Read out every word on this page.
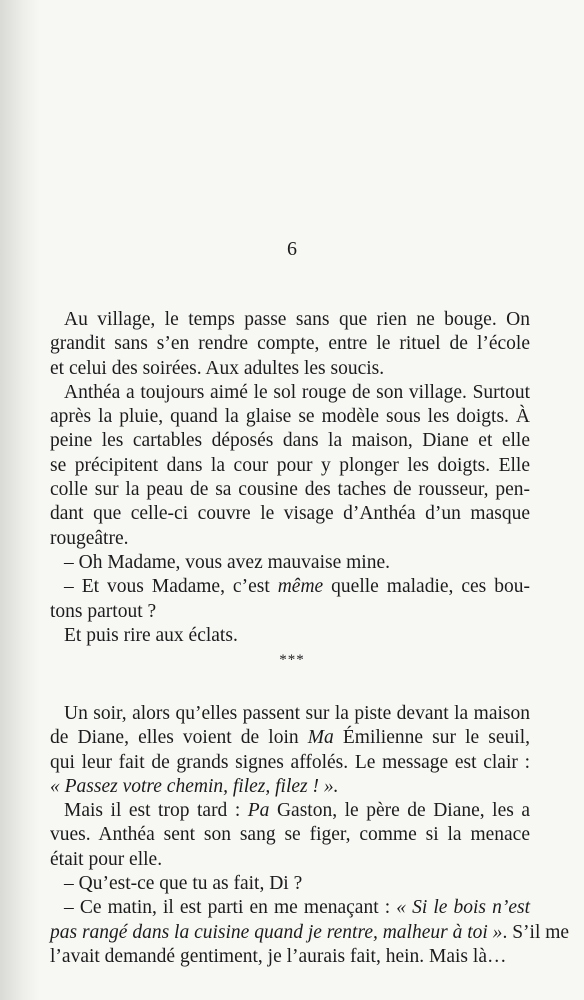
6
Au village, le temps passe sans que rien ne bouge. On
grandit sans s’en rendre compte, entre le rituel de l’école
et celui des soirées. Aux adultes les soucis.
Anthéa a toujours aimé le sol rouge de son village. Surtout
après la pluie, quand la glaise se modèle sous les doigts. À
peine les cartables déposés dans la maison, Diane et elle
se précipitent dans la cour pour y plonger les doigts. Elle
colle sur la peau de sa cousine des taches de rousseur, pen-
dant que celle-ci couvre le visage d’Anthéa d’un masque
rougeâtre.
– Oh Madame, vous avez mauvaise mine.
– Et vous Madame, c’est même quelle maladie, ces bou-
tons partout ?
Et puis rire aux éclats.
***
Un soir, alors qu’elles passent sur la piste devant la maison
de Diane, elles voient de loin Ma Émilienne sur le seuil,
qui leur fait de grands signes affolés. Le message est clair :
« Passez votre chemin, filez, filez ! ».
Mais il est trop tard : Pa Gaston, le père de Diane, les a
vues. Anthéa sent son sang se figer, comme si la menace
était pour elle.
– Qu’est-ce que tu as fait, Di ?
– Ce matin, il est parti en me menaçant : « Si le bois n’est
pas rangé dans la cuisine quand je rentre, malheur à toi ». S’il me
l’avait demandé gentiment, je l’aurais fait, hein. Mais là…
